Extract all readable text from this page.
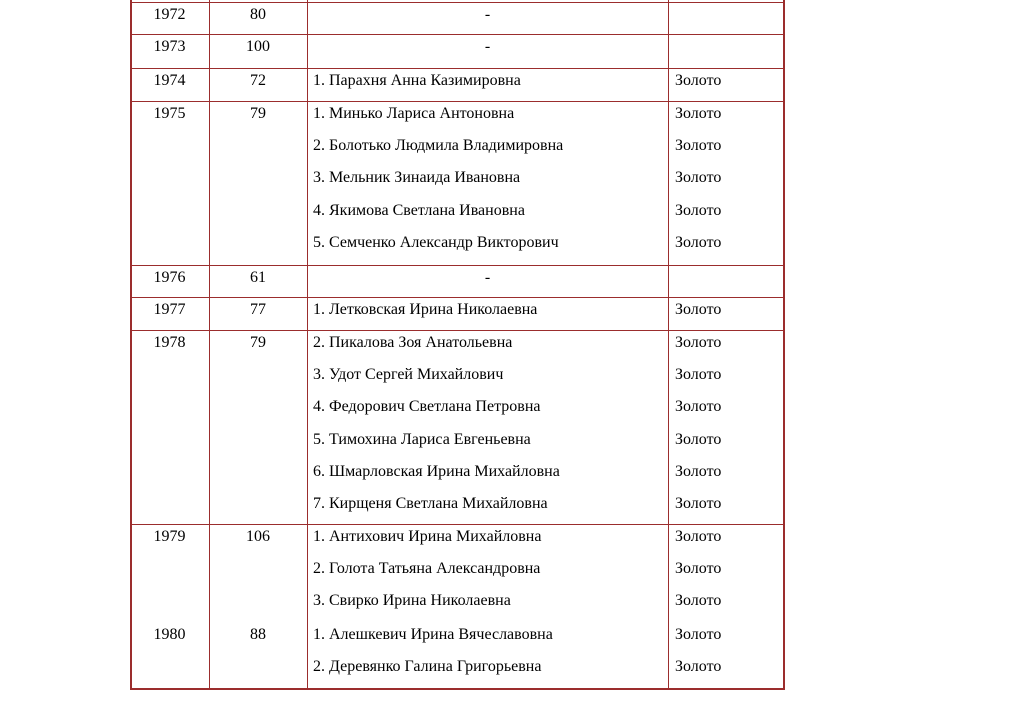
1972	80	-
1973	100	-
1974	72	1. Парахня Анна Казимировна	Золото
1975	79	1. Минько Лариса Антоновна	Золото
2. Болотько Людмила Владимировна	Золото
3. Мельник Зинаида Ивановна	Золото
4. Якимова Светлана Ивановна	Золото
5. Семченко Александр Викторович	Золото
1976	61	-
1977	77	1. Летковская Ирина Николаевна	Золото
1978	79	2. Пикалова Зоя Анатольевна	Золото
3. Удот Сергей Михайлович	Золото
4. Федорович Светлана Петровна	Золото
5. Тимохина Лариса Евгеньевна	Золото
6. Шмарловская Ирина Михайловна	Золото
7. Кирщеня Светлана Михайловна	Золото
1979	106	1. Антихович Ирина Михайловна	Золото
2. Голота Татьяна Александровна	Золото
3. Свирко Ирина Николаевна	Золото
1980	88	1. Алешкевич Ирина Вячеславовна	Золото
2. Деревянко Галина Григорьевна	Золото
